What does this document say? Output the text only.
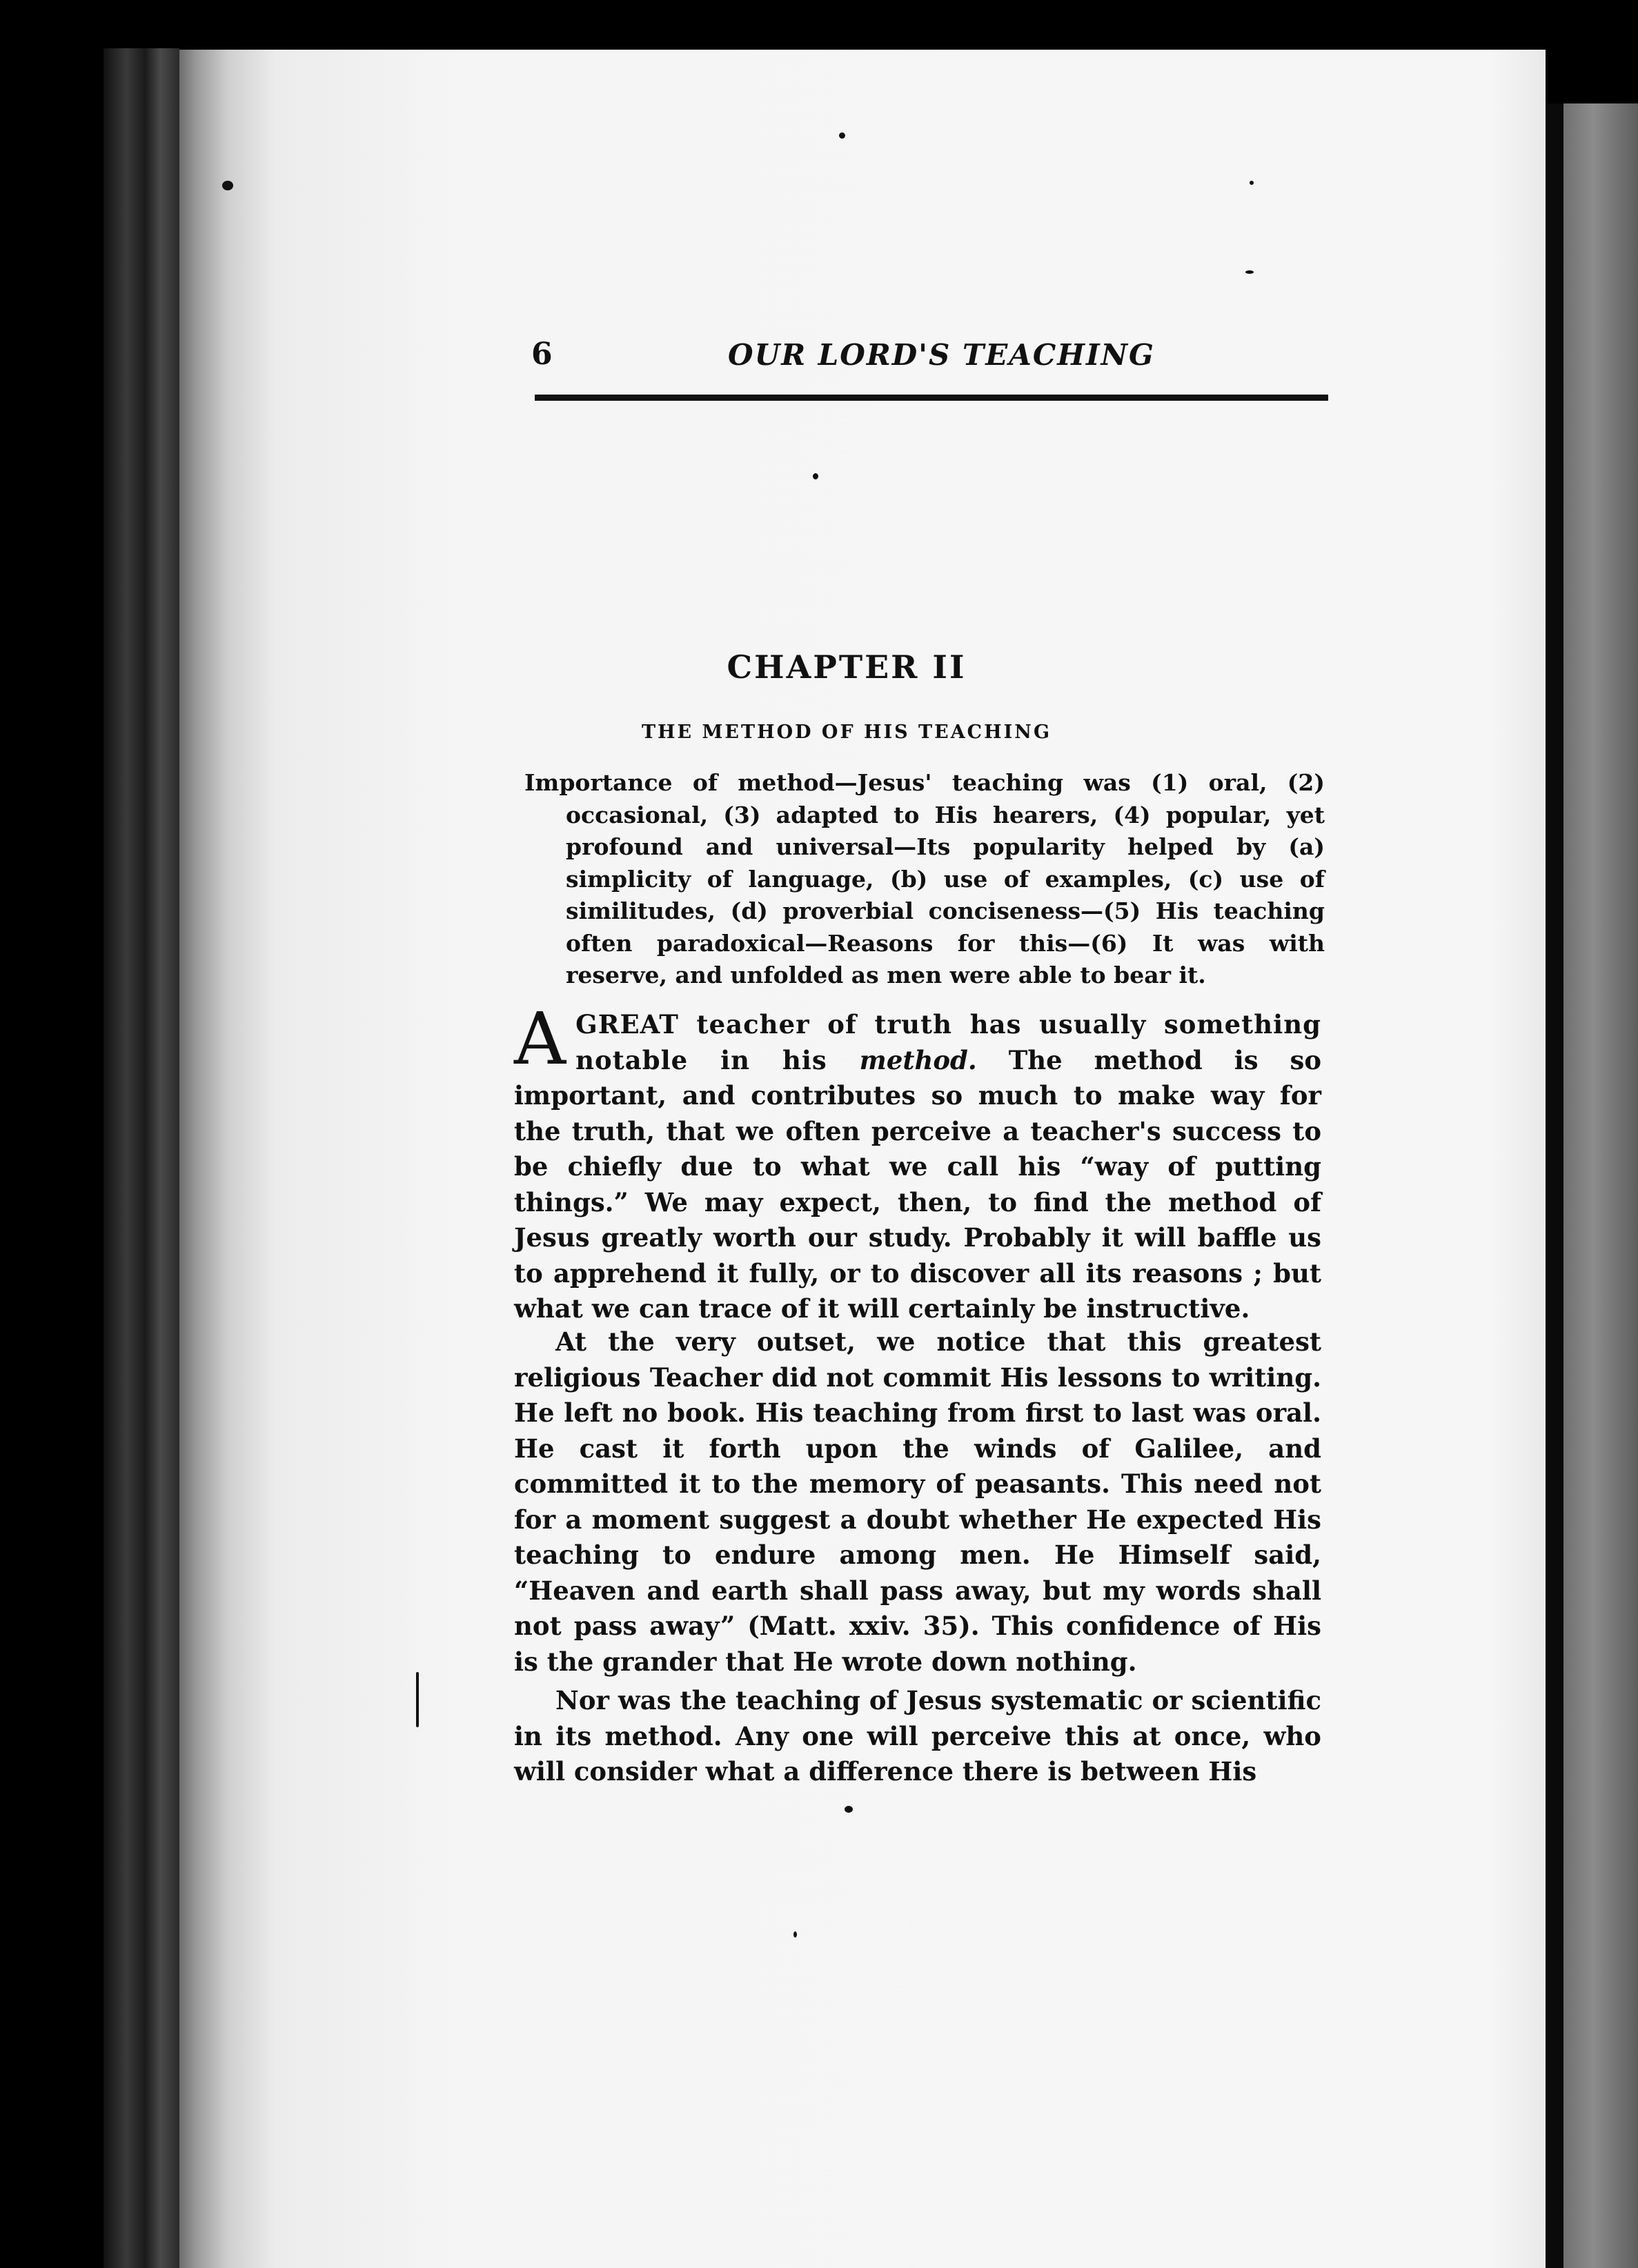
6	OUR LORD'S TEACHING
CHAPTER II
THE METHOD OF HIS TEACHING
Importance of method—Jesus' teaching was (1) oral, (2) occasional, (3) adapted to His hearers, (4) popular, yet profound and universal—Its popularity helped by (a) simplicity of language, (b) use of examples, (c) use of similitudes, (d) proverbial conciseness—(5) His teaching often paradoxical—Reasons for this—(6) It was with reserve, and unfolded as men were able to bear it.
AGREAT teacher of truth has usually something notable in his method. The method is so important, and contributes so much to make way for the truth, that we often perceive a teacher's success to be chiefly due to what we call his “way of putting things.” We may expect, then, to find the method of Jesus greatly worth our study. Probably it will baffle us to apprehend it fully, or to discover all its reasons ; but what we can trace of it will certainly be instructive.
At the very outset, we notice that this greatest religious Teacher did not commit His lessons to writing. He left no book. His teaching from first to last was oral. He cast it forth upon the winds of Galilee, and committed it to the memory of peasants. This need not for a moment suggest a doubt whether He expected His teaching to endure among men. He Himself said, “Heaven and earth shall pass away, but my words shall not pass away” (Matt. xxiv. 35). This confidence of His is the grander that He wrote down nothing.
Nor was the teaching of Jesus systematic or scientific in its method. Any one will perceive this at once, who will consider what a difference there is between His
